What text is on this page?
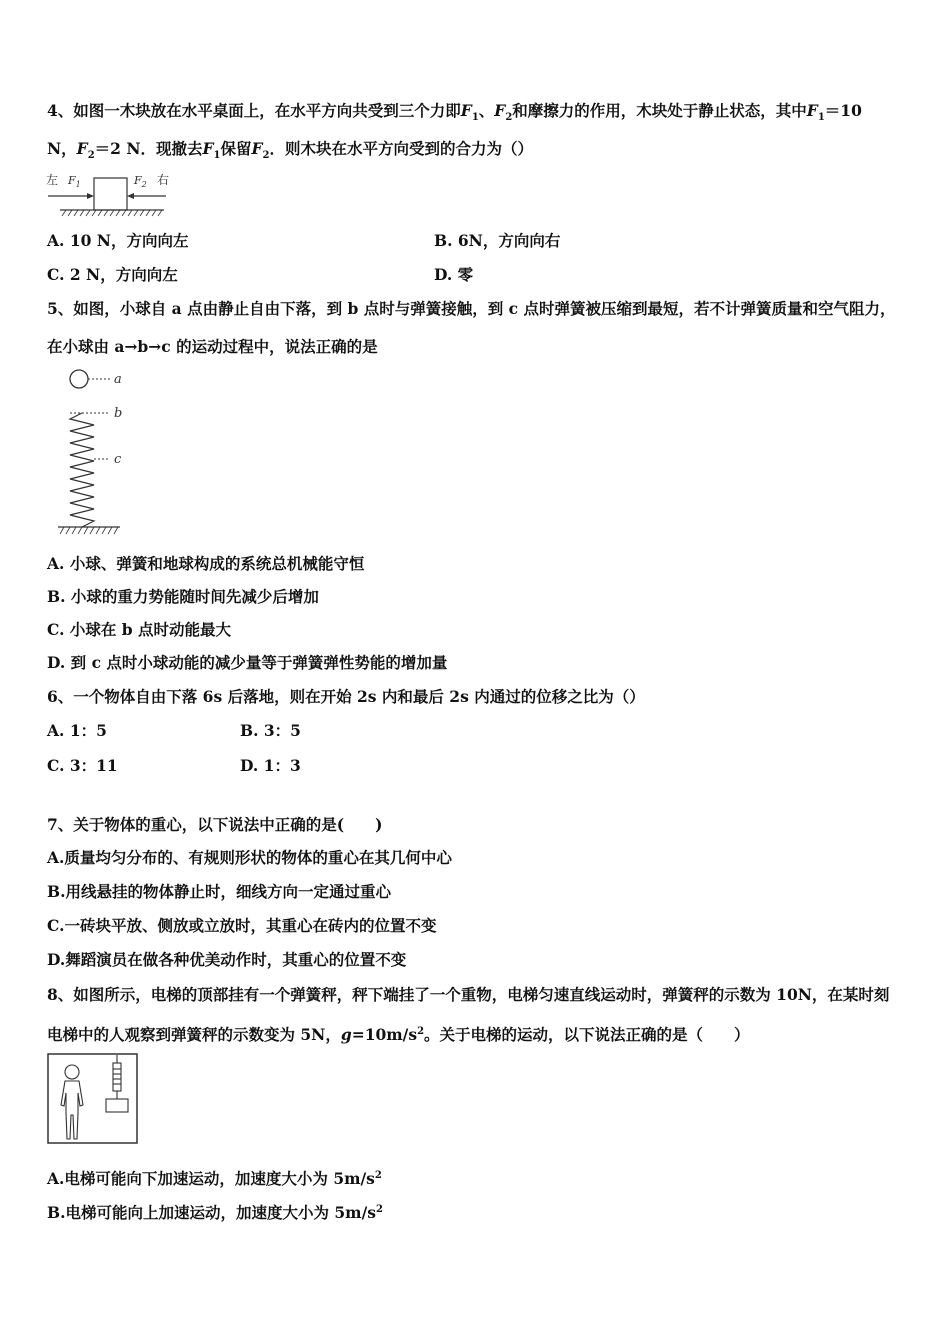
4、如图一木块放在水平桌面上，在水平方向共受到三个力即$F_1$、$F_2$和摩擦力的作用，木块处于静止状态，其中$F_1=10$
N，$F_2=2$ N．现撤去$F_1$保留$F_2$．则木块在水平方向受到的合力为（）
左 $F_1$	$F_2$ 右
A. 10 N，方向向左	B. 6N，方向向右
C. 2 N，方向向左	D. 零
5、如图，小球自 a 点由静止自由下落，到 b 点时与弹簧接触，到 c 点时弹簧被压缩到最短，若不计弹簧质量和空气阻力，
在小球由 a→b→c 的运动过程中，说法正确的是
a
b
c
A. 小球、弹簧和地球构成的系统总机械能守恒
B. 小球的重力势能随时间先减少后增加
C. 小球在 b 点时动能最大
D. 到 c 点时小球动能的减少量等于弹簧弹性势能的增加量
6、一个物体自由下落 6s 后落地，则在开始 2s 内和最后 2s 内通过的位移之比为（）
A. 1：5	B. 3：5
C. 3：11	D. 1：3
7、关于物体的重心，以下说法中正确的是(　　)
A.质量均匀分布的、有规则形状的物体的重心在其几何中心
B.用线悬挂的物体静止时，细线方向一定通过重心
C.一砖块平放、侧放或立放时，其重心在砖内的位置不变
D.舞蹈演员在做各种优美动作时，其重心的位置不变
8、如图所示，电梯的顶部挂有一个弹簧秤，秤下端挂了一个重物，电梯匀速直线运动时，弹簧秤的示数为 10N，在某时刻
电梯中的人观察到弹簧秤的示数变为 5N，$g=10m/s^2$。关于电梯的运动，以下说法正确的是（　　）
A.电梯可能向下加速运动，加速度大小为 $5m/s^2$
B.电梯可能向上加速运动，加速度大小为 $5m/s^2$
